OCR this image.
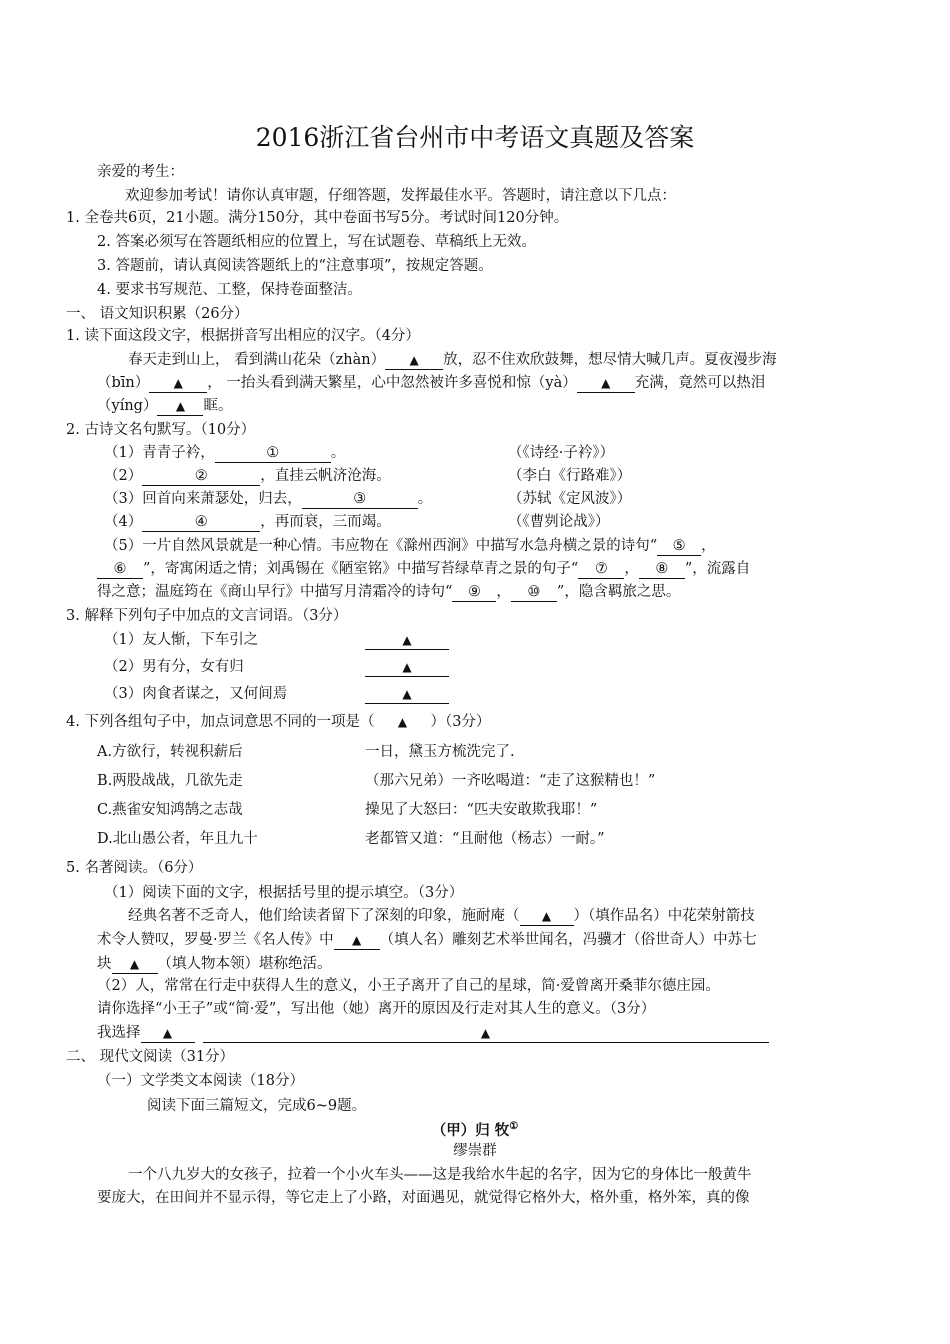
2016浙江省台州市中考语文真题及答案
亲爱的考生：
欢迎参加考试！请你认真审题，仔细答题，发挥最佳水平。答题时，请注意以下几点：
1. 全卷共6页，21小题。满分150分，其中卷面书写5分。考试时间120分钟。
2. 答案必须写在答题纸相应的位置上，写在试题卷、草稿纸上无效。
3. 答题前，请认真阅读答题纸上的“注意事项”，按规定答题。
4. 要求书写规范、工整，保持卷面整洁。
一、 语文知识积累（26分）
1. 读下面这段文字，根据拼音写出相应的汉字。（4分）
春天走到山上， 看到满山花朵（zhàn） ▲ 放，忍不住欢欣鼓舞，想尽情大喊几声。夏夜漫步海
（bīn） ▲ ， 一抬头看到满天繁星，心中忽然被许多喜悦和惊（yà） ▲ 充满，竟然可以热泪
（yíng） ▲ 眶。
2. 古诗文名句默写。（10分）
（1）青青子衿，	①	。	（《诗经·子衿》）
（2）	②	，直挂云帆济沧海。	（李白《行路难》）
（3）回首向来萧瑟处，归去，	③	。	（苏轼《定风波》）
（4）	④	，再而衰，三而竭。	（《曹刿论战》）
（5）一片自然风景就是一种心情。韦应物在《滁州西涧》中描写水急舟横之景的诗句“ ⑤ ，
⑥ ”，寄寓闲适之情；刘禹锡在《陋室铭》中描写苔绿草青之景的句子“ ⑦ ， ⑧ ”，流露自
得之意；温庭筠在《商山早行》中描写月清霜冷的诗句“ ⑨ ， ⑩ ”，隐含羁旅之思。
3. 解释下列句子中加点的文言词语。（3分）
（1）友人惭，下车引之	▲
（2）男有分，女有归	▲
（3）肉食者谋之，又何间焉	▲
4. 下列各组句子中，加点词意思不同的一项是（ ▲ ）（3分）
A.方欲行，转视积薪后	一日，黛玉方梳洗完了.
B.两股战战，几欲先走	（那六兄弟）一齐吆喝道：“走了这猴精也！”
C.燕雀安知鸿鹄之志哉	操见了大怒曰：“匹夫安敢欺我耶！”
D.北山愚公者，年且九十	老都管又道：“且耐他（杨志）一耐。”
5. 名著阅读。（6分）
（1）阅读下面的文字，根据括号里的提示填空。（3分）
经典名著不乏奇人，他们给读者留下了深刻的印象，施耐庵（ ▲ ）（填作品名）中花荣射箭技
术令人赞叹，罗曼·罗兰《名人传》中 ▲ （填人名）雕刻艺术举世闻名，冯骥才（俗世奇人）中苏七
块 ▲ （填人物本领）堪称绝活。
（2）人，常常在行走中获得人生的意义，小王子离开了自己的星球，简·爱曾离开桑菲尔德庄园。
请你选择“小王子”或“简·爱”，写出他（她）离开的原因及行走对其人生的意义。（3分）
我选择 ▲	▲
二、 现代文阅读（31分）
（一）文学类文本阅读（18分）
阅读下面三篇短文，完成6~9题。
（甲）归 牧①
缪崇群
一个八九岁大的女孩子，拉着一个小火车头——这是我给水牛起的名字，因为它的身体比一般黄牛
要庞大，在田间并不显示得，等它走上了小路，对面遇见，就觉得它格外大，格外重，格外笨，真的像
